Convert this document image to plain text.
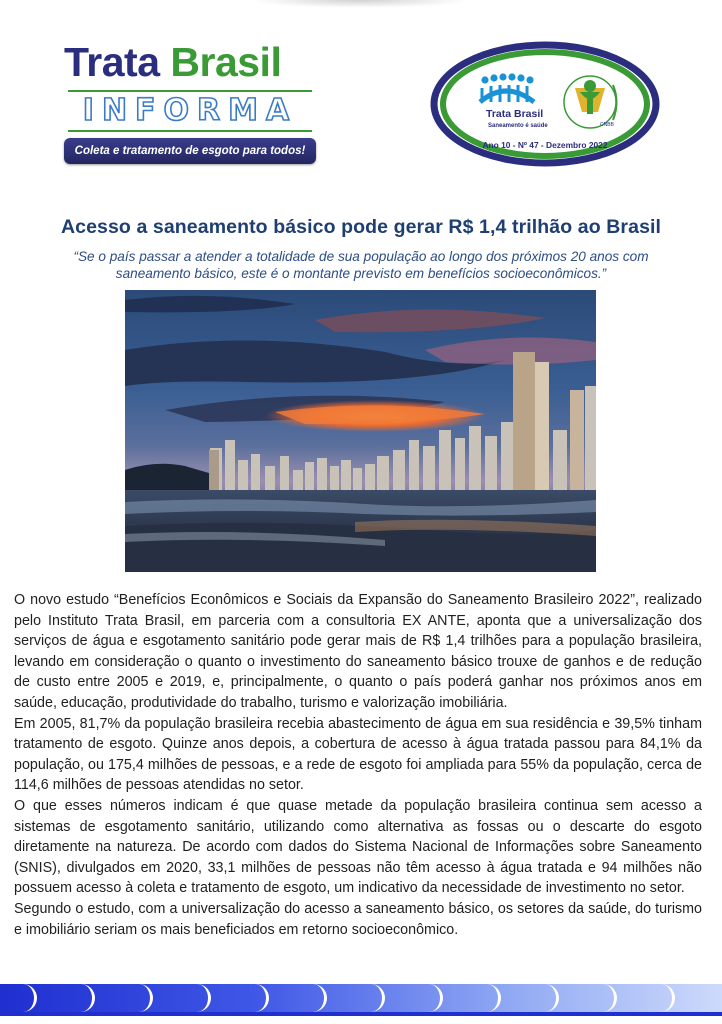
Trata Brasil
INFORMA
Coleta e tratamento de esgoto para todos!
Trata Brasil
Saneamento é saúde	CNBB
Ano 10 - Nº 47 - Dezembro 2022
Acesso a saneamento básico pode gerar R$ 1,4 trilhão ao Brasil
“Se o país passar a atender a totalidade de sua população ao longo dos próximos 20 anos com saneamento básico, este é o montante previsto em benefícios socioeconômicos.”

O novo estudo “Benefícios Econômicos e Sociais da Expansão do Saneamento Brasileiro 2022”, realizado pelo Instituto Trata Brasil, em parceria com a consultoria EX ANTE, aponta que a universalização dos serviços de água e esgotamento sanitário pode gerar mais de R$ 1,4 trilhões para a população brasileira, levando em consideração o quanto o investimento do saneamento básico trouxe de ganhos e de redução de custo entre 2005 e 2019, e, principalmente, o quanto o país poderá ganhar nos próximos anos em saúde, educação, produtividade do trabalho, turismo e valorização imobiliária.

Em 2005, 81,7% da população brasileira recebia abastecimento de água em sua residência e 39,5% tinham tratamento de esgoto. Quinze anos depois, a cobertura de acesso à água tratada passou para 84,1% da população, ou 175,4 milhões de pessoas, e a rede de esgoto foi ampliada para 55% da população, cerca de 114,6 milhões de pessoas atendidas no setor.

O que esses números indicam é que quase metade da população brasileira continua sem acesso a sistemas de esgotamento sanitário, utilizando como alternativa as fossas ou o descarte do esgoto diretamente na natureza. De acordo com dados do Sistema Nacional de Informações sobre Saneamento (SNIS), divulgados em 2020, 33,1 milhões de pessoas não têm acesso à água tratada e 94 milhões não possuem acesso à coleta e tratamento de esgoto, um indicativo da necessidade de investimento no setor.

Segundo o estudo, com a universalização do acesso a saneamento básico, os setores da saúde, do turismo e imobiliário seriam os mais beneficiados em retorno socioeconômico.
